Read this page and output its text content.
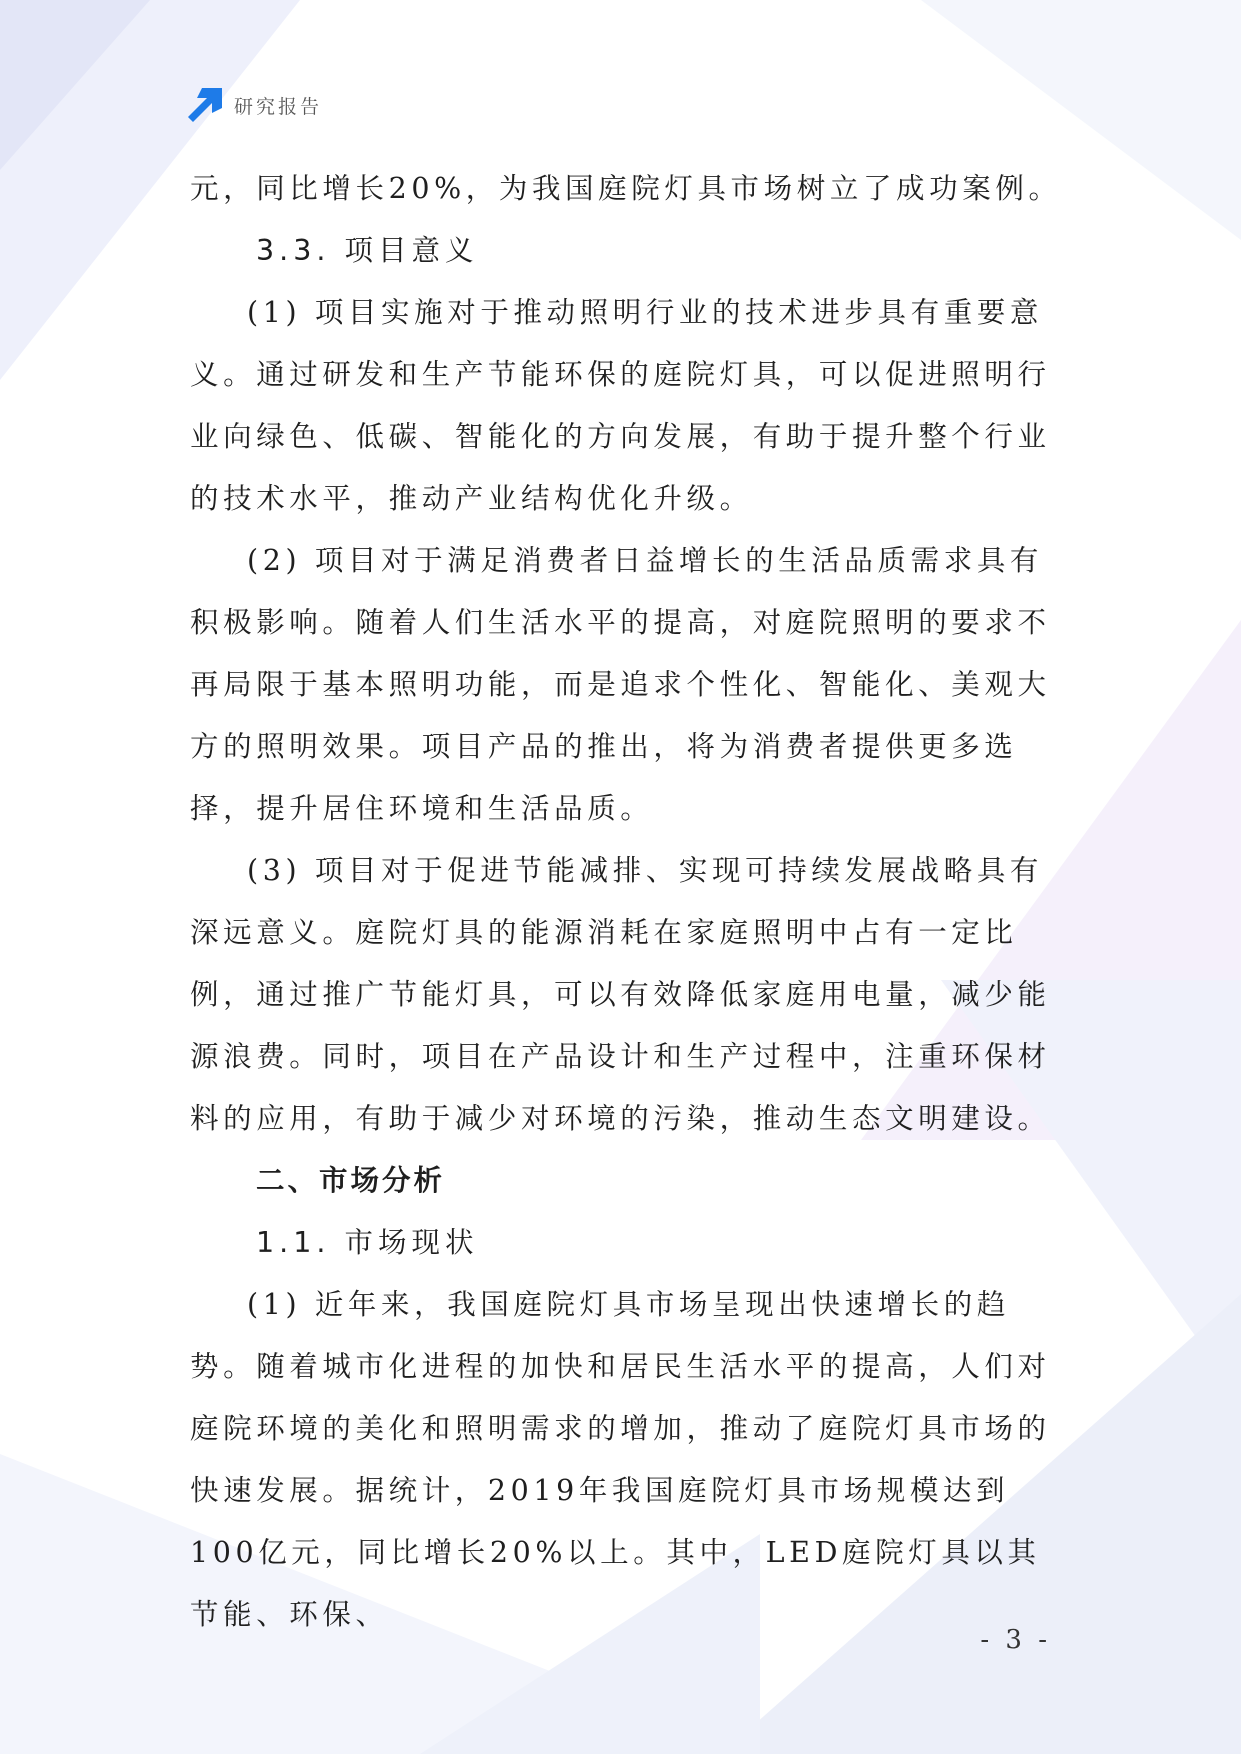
研究报告

元，同比增长20%，为我国庭院灯具市场树立了成功案例。

3.3. 项目意义

(1) 项目实施对于推动照明行业的技术进步具有重要意义。通过研发和生产节能环保的庭院灯具，可以促进照明行业向绿色、低碳、智能化的方向发展，有助于提升整个行业的技术水平，推动产业结构优化升级。

(2) 项目对于满足消费者日益增长的生活品质需求具有积极影响。随着人们生活水平的提高，对庭院照明的要求不再局限于基本照明功能，而是追求个性化、智能化、美观大方的照明效果。项目产品的推出，将为消费者提供更多选择，提升居住环境和生活品质。

(3) 项目对于促进节能减排、实现可持续发展战略具有深远意义。庭院灯具的能源消耗在家庭照明中占有一定比例，通过推广节能灯具，可以有效降低家庭用电量，减少能源浪费。同时，项目在产品设计和生产过程中，注重环保材料的应用，有助于减少对环境的污染，推动生态文明建设。

二、市场分析

1.1. 市场现状

(1) 近年来，我国庭院灯具市场呈现出快速增长的趋势。随着城市化进程的加快和居民生活水平的提高，人们对庭院环境的美化和照明需求的增加，推动了庭院灯具市场的快速发展。据统计，2019年我国庭院灯具市场规模达到100亿元，同比增长20%以上。其中，LED庭院灯具以其节能、环保、

- 3 -
